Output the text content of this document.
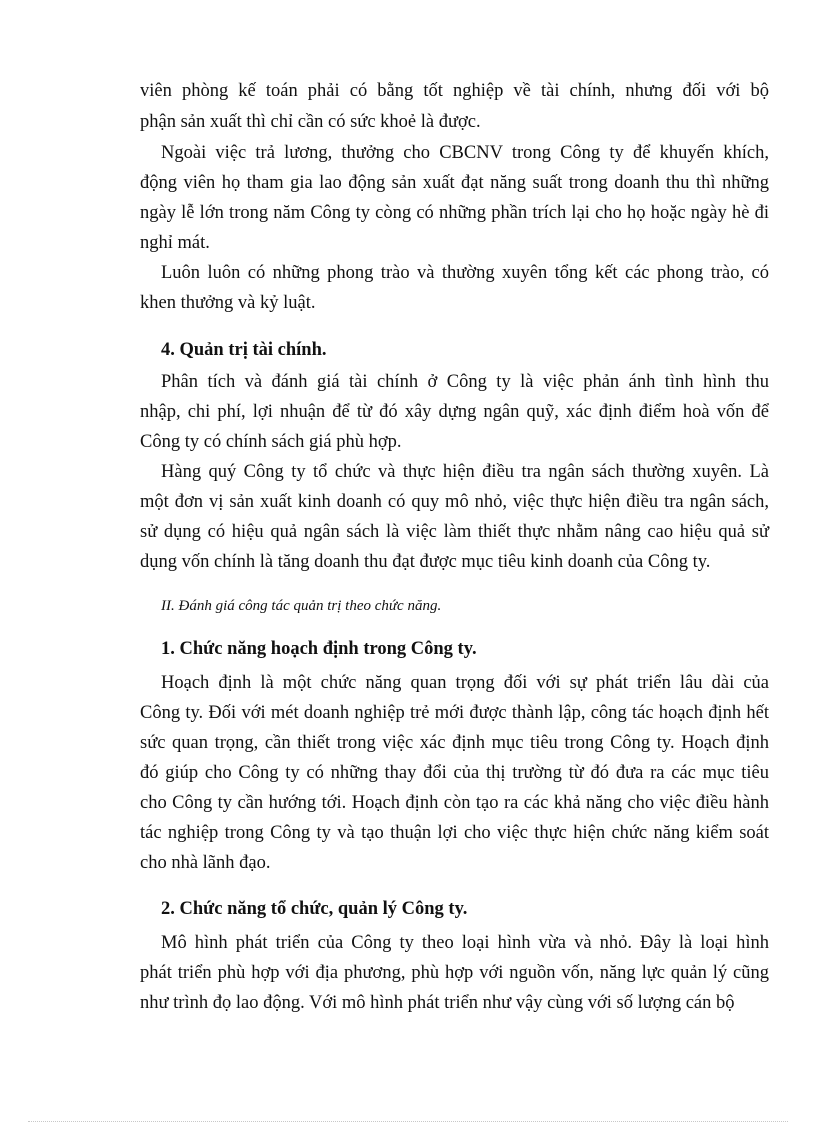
viên phòng kế toán phải có bằng tốt nghiệp về tài chính, nhưng đối với bộ
phận sản xuất thì chỉ cần có sức khoẻ là được.
Ngoài việc trả lương, thưởng cho CBCNV trong Công ty để khuyến khích,
động viên họ tham gia lao động sản xuất đạt năng suất trong doanh thu thì những
ngày lễ lớn trong năm Công ty còng có những phần trích lại cho họ hoặc ngày hè đi
nghỉ mát.
Luôn luôn có những phong trào và thường xuyên tổng kết các phong trào, có
khen thưởng và kỷ luật.
4. Quản trị tài chính.
Phân tích và đánh giá tài chính ở Công ty là việc phản ánh tình hình thu
nhập, chi phí, lợi nhuận để từ đó xây dựng ngân quỹ, xác định điểm hoà vốn để
Công ty có chính sách giá phù hợp.
Hàng quý Công ty tổ chức và thực hiện điều tra ngân sách thường xuyên. Là
một đơn vị sản xuất kinh doanh có quy mô nhỏ, việc thực hiện điều tra ngân sách,
sử dụng có hiệu quả ngân sách là việc làm thiết thực nhằm nâng cao hiệu quả sử
dụng vốn chính là tăng doanh thu đạt được mục tiêu kinh doanh của Công ty.
II. Đánh giá công tác quản trị theo chức năng.
1. Chức năng hoạch định trong Công ty.
Hoạch định là một chức năng quan trọng đối với sự phát triển lâu dài của
Công ty. Đối với mét doanh nghiệp trẻ mới được thành lập, công tác hoạch định hết
sức quan trọng, cần thiết trong việc xác định mục tiêu trong Công ty. Hoạch định
đó giúp cho Công ty có những thay đổi của thị trường từ đó đưa ra các mục tiêu
cho Công ty cần hướng tới. Hoạch định còn tạo ra các khả năng cho việc điều hành
tác nghiệp trong Công ty và tạo thuận lợi cho việc thực hiện chức năng kiểm soát
cho nhà lãnh đạo.
2. Chức năng tổ chức, quản lý Công ty.
Mô hình phát triển của Công ty theo loại hình vừa và nhỏ. Đây là loại hình
phát triển phù hợp với địa phương, phù hợp với nguồn vốn, năng lực quản lý cũng
như trình đọ lao động. Với mô hình phát triển như vậy cùng với số lượng cán bộ
